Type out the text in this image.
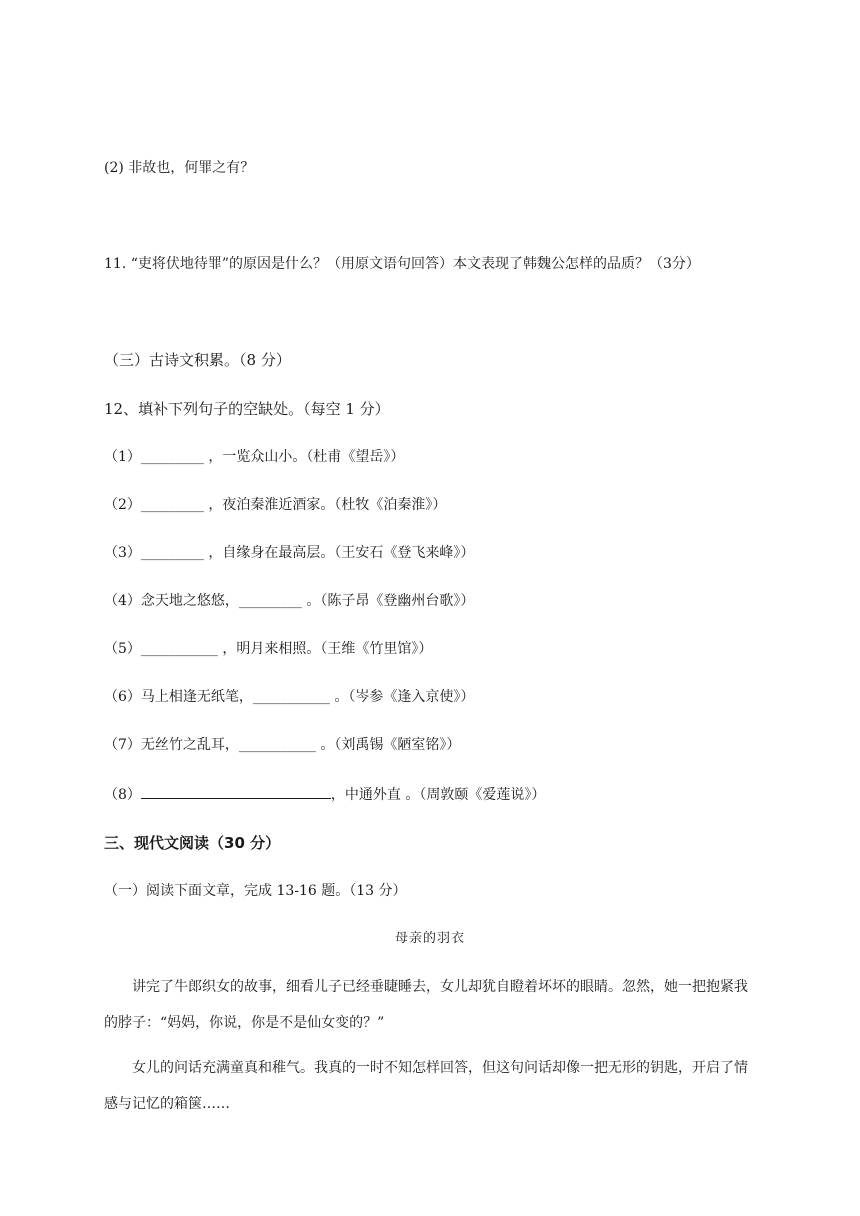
(2) 非故也，何罪之有？
11. “吏将伏地待罪”的原因是什么？（用原文语句回答）本文表现了韩魏公怎样的品质？（3分）
（三）古诗文积累。（8 分）
12、填补下列句子的空缺处。（每空 1 分）
（1）_________ ，一览众山小。（杜甫《望岳》）
（2）_________ ，夜泊秦淮近酒家。（杜牧《泊秦淮》）
（3）_________ ，自缘身在最高层。（王安石《登飞来峰》）
（4）念天地之悠悠，_________ 。（陈子昂《登幽州台歌》）
（5）___________ ，明月来相照。（王维《竹里馆》）
（6）马上相逢无纸笔，___________ 。（岑参《逢入京使》）
（7）无丝竹之乱耳，___________ 。（刘禹锡《陋室铭》）
（8）	，中通外直 。（周敦颐《爱莲说》）
三、现代文阅读（30 分）
（一）阅读下面文章，完成 13-16 题。（13 分）
母亲的羽衣
讲完了牛郎织女的故事，细看儿子已经垂睫睡去，女儿却犹自瞪着坏坏的眼睛。忽然，她一把抱紧我的脖子：“妈妈，你说，你是不是仙女变的？”
女儿的问话充满童真和稚气。我真的一时不知怎样回答，但这句问话却像一把无形的钥匙，开启了情感与记忆的箱箧……
